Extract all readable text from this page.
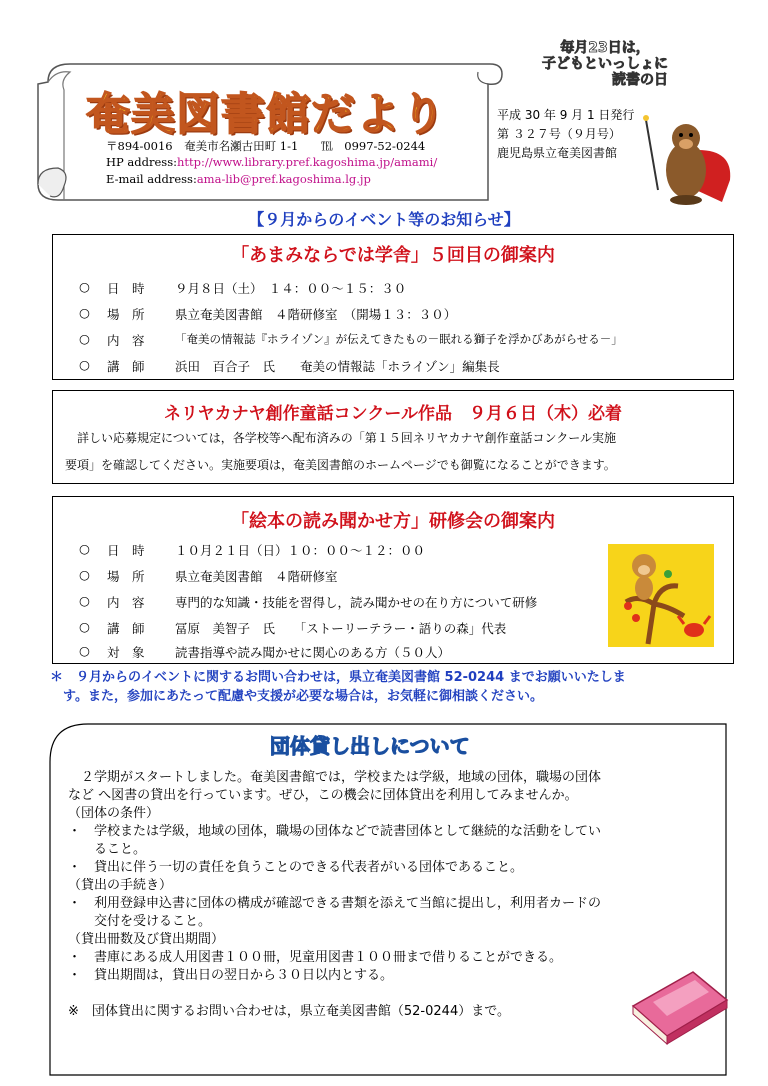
奄美図書館だより
〒894-0016　奄美市名瀬古田町 1-1　　℡　0997-52-0244
HP address:http://www.library.pref.kagoshima.jp/amami/
E-mail address:ama-lib@pref.kagoshima.lg.jp
平成 30 年 9 月 1 日発行
第 ３２７号（９月号）
鹿児島県立奄美図書館
毎月23日は，
子どもといっしょに
読書の日
【９月からのイベント等のお知らせ】
「あまみならでは学舎」５回目の御案内
○ 日　時 ９月８日（土）　１４：００～１５：３０
○ 場　所 県立奄美図書館　４階研修室　（開場１３：３０）
○ 内　容	「奄美の情報誌『ホライゾン』が伝えてきたもの－眠れる獅子を浮かびあがらせる－」
○ 講　師 浜田　百合子　氏　　奄美の情報誌「ホライゾン」編集長
ネリヤカナヤ創作童話コンクール作品　９月６日（木）必着
　詳しい応募規定については，各学校等へ配布済みの「第１５回ネリヤカナヤ創作童話コンクール実施
要項」を確認してください。実施要項は，奄美図書館のホームページでも御覧になることができます。
「絵本の読み聞かせ方」研修会の御案内
○ 日　時 １０月２１日（日）１０：００～１２：００
○ 場　所 県立奄美図書館　４階研修室
○ 内　容 専門的な知識・技能を習得し，読み聞かせの在り方について研修
○ 講　師 冨原　美智子　氏　　「ストーリーテラー・語りの森」代表
○ 対　象 読書指導や読み聞かせに関心のある方（５０人）
＊　９月からのイベントに関するお問い合わせは，県立奄美図書館 52-0244 までお願いいたしま
　す。また，参加にあたって配慮や支援が必要な場合は，お気軽に御相談ください。
団体貸し出しについて
　２学期がスタートしました。奄美図書館では，学校または学級，地域の団体，職場の団体
など へ図書の貸出を行っています。ぜひ，この機会に団体貸出を利用してみませんか。
（団体の条件）
・　学校または学級，地域の団体，職場の団体などで読書団体として継続的な活動をしてい
　　ること。
・　貸出に伴う一切の責任を負うことのできる代表者がいる団体であること。
（貸出の手続き）
・　利用登録申込書に団体の構成が確認できる書類を添えて当館に提出し，利用者カードの
　　交付を受けること。
（貸出冊数及び貸出期間）
・　書庫にある成人用図書１００冊，児童用図書１００冊まで借りることができる。
・　貸出期間は，貸出日の翌日から３０日以内とする。
※　団体貸出に関するお問い合わせは，県立奄美図書館（52-0244）まで。
